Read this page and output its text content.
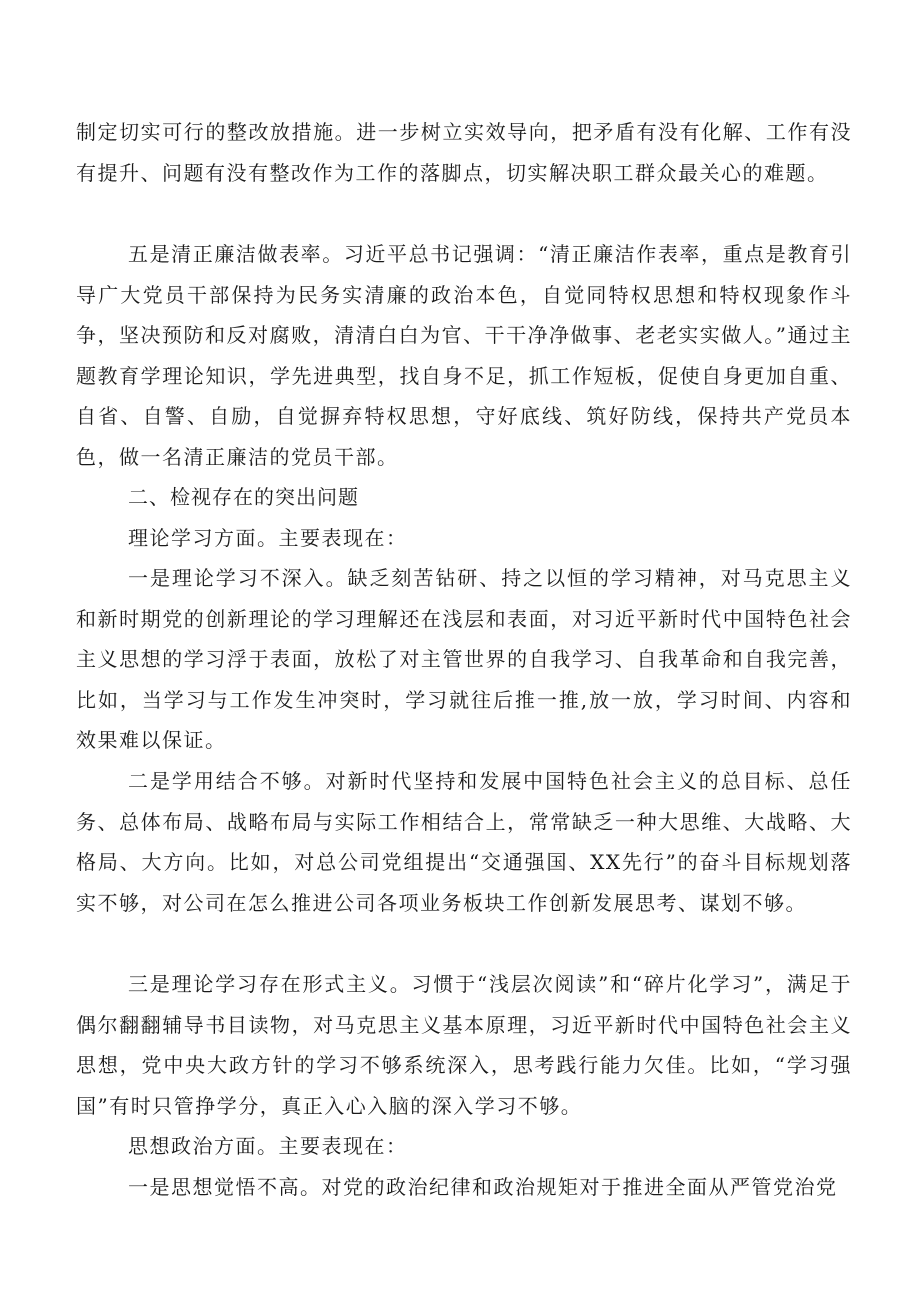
制定切实可行的整改放措施。进一步树立实效导向，把矛盾有没有化解、工作有没有提升、问题有没有整改作为工作的落脚点，切实解决职工群众最关心的难题。

五是清正廉洁做表率。习近平总书记强调：“清正廉洁作表率，重点是教育引导广大党员干部保持为民务实清廉的政治本色，自觉同特权思想和特权现象作斗争，坚决预防和反对腐败，清清白白为官、干干净净做事、老老实实做人。”通过主题教育学理论知识，学先进典型，找自身不足，抓工作短板，促使自身更加自重、自省、自警、自励，自觉摒弃特权思想，守好底线、筑好防线，保持共产党员本色，做一名清正廉洁的党员干部。

二、检视存在的突出问题

理论学习方面。主要表现在：

一是理论学习不深入。缺乏刻苦钻研、持之以恒的学习精神，对马克思主义和新时期党的创新理论的学习理解还在浅层和表面，对习近平新时代中国特色社会主义思想的学习浮于表面，放松了对主管世界的自我学习、自我革命和自我完善，比如，当学习与工作发生冲突时，学习就往后推一推,放一放，学习时间、内容和效果难以保证。

二是学用结合不够。对新时代坚持和发展中国特色社会主义的总目标、总任务、总体布局、战略布局与实际工作相结合上，常常缺乏一种大思维、大战略、大格局、大方向。比如，对总公司党组提出“交通强国、XX先行”的奋斗目标规划落实不够，对公司在怎么推进公司各项业务板块工作创新发展思考、谋划不够。

三是理论学习存在形式主义。习惯于“浅层次阅读”和“碎片化学习”，满足于偶尔翻翻辅导书目读物，对马克思主义基本原理，习近平新时代中国特色社会主义思想，党中央大政方针的学习不够系统深入，思考践行能力欠佳。比如，“学习强国”有时只管挣学分，真正入心入脑的深入学习不够。

思想政治方面。主要表现在：

一是思想觉悟不高。对党的政治纪律和政治规矩对于推进全面从严管党治党
